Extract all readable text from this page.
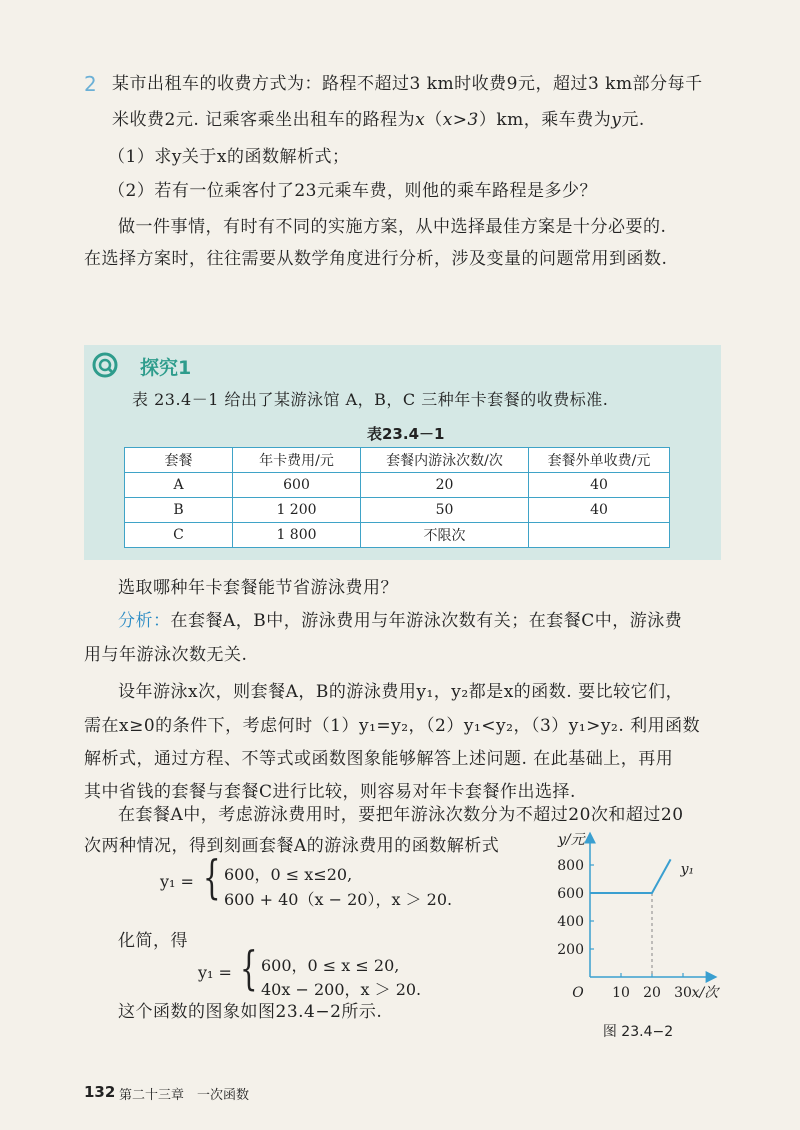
2 某市出租车的收费方式为：路程不超过3 km时收费9元，超过3 km部分每千
米收费2元. 记乘客乘坐出租车的路程为x（x>3）km，乘车费为y元.
（1）求y关于x的函数解析式；
（2）若有一位乘客付了23元乘车费，则他的乘车路程是多少？
做一件事情，有时有不同的实施方案，从中选择最佳方案是十分必要的.
在选择方案时，往往需要从数学角度进行分析，涉及变量的问题常用到函数.
探究1
表 23.4－1 给出了某游泳馆 A，B，C 三种年卡套餐的收费标准.
表23.4－1
套餐	年卡费用/元	套餐内游泳次数/次	套餐外单收费/元
A	600	20	40
B	1 200	50	40
C	1 800	不限次	
选取哪种年卡套餐能节省游泳费用？
分析：在套餐A，B中，游泳费用与年游泳次数有关；在套餐C中，游泳费
用与年游泳次数无关.
设年游泳x次，则套餐A，B的游泳费用y₁，y₂都是x的函数. 要比较它们，
需在x≥0的条件下，考虑何时（1）y₁=y₂，（2）y₁<y₂，（3）y₁>y₂. 利用函数
解析式，通过方程、不等式或函数图象能够解答上述问题. 在此基础上，再用
其中省钱的套餐与套餐C进行比较，则容易对年卡套餐作出选择.
在套餐A中，考虑游泳费用时，要把年游泳次数分为不超过20次和超过20
次两种情况，得到刻画套餐A的游泳费用的函数解析式
y₁ = { 600，0 ≤ x≤20,
600 + 40（x − 20），x ＞ 20.
化简，得
y₁ = { 600，0 ≤ x ≤ 20,
40x − 200，x ＞ 20.
这个函数的图象如图23.4−2所示.
y/元
x/次
O
200
400
600
800
10 20 30
y₁
图 23.4−2
132 第二十三章　一次函数
